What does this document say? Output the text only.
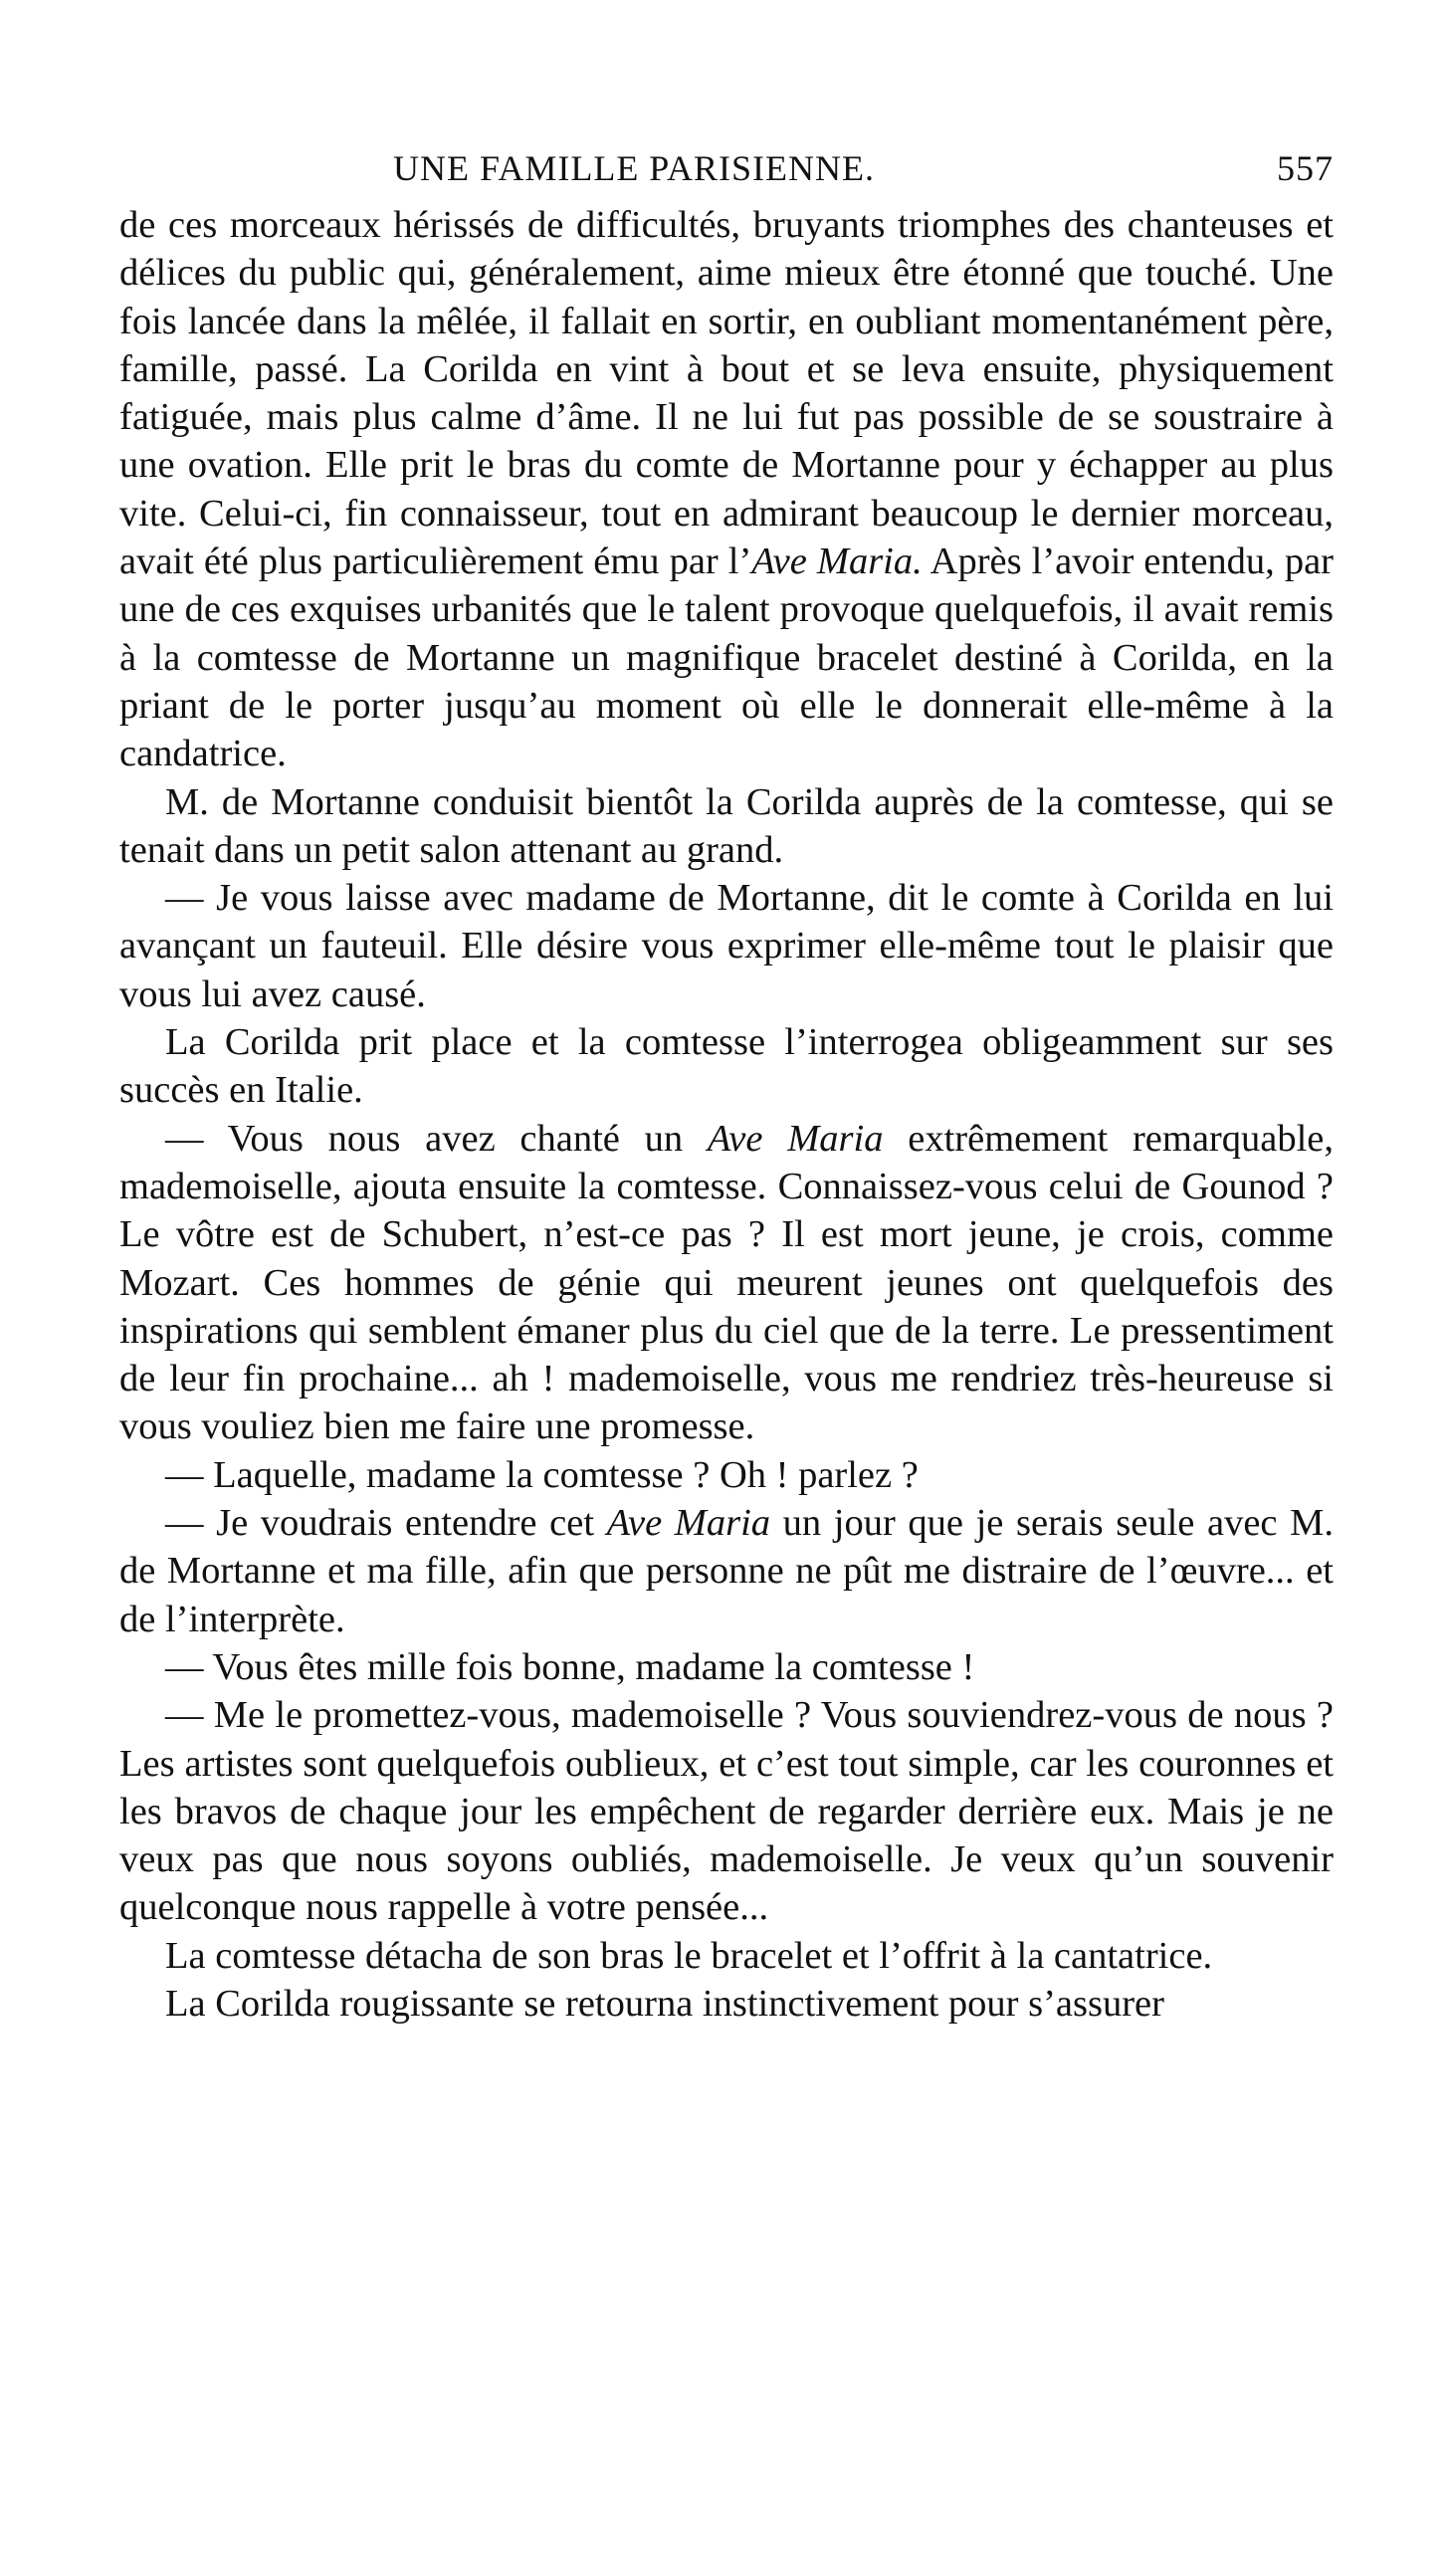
UNE FAMILLE PARISIENNE.	557

de ces morceaux hérissés de difficultés, bruyants triomphes des chanteuses et délices du public qui, généralement, aime mieux être étonné que touché. Une fois lancée dans la mêlée, il fallait en sortir, en oubliant momentanément père, famille, passé. La Corilda en vint à bout et se leva ensuite, physiquement fatiguée, mais plus calme d’âme. Il ne lui fut pas possible de se soustraire à une ovation. Elle prit le bras du comte de Mortanne pour y échapper au plus vite. Celui-ci, fin connaisseur, tout en admirant beaucoup le dernier morceau, avait été plus particulièrement ému par l’Ave Maria. Après l’avoir entendu, par une de ces exquises urbanités que le talent provoque quelquefois, il avait remis à la comtesse de Mortanne un magnifique bracelet destiné à Corilda, en la priant de le porter jusqu’au moment où elle le donnerait elle-même à la candatrice.

M. de Mortanne conduisit bientôt la Corilda auprès de la comtesse, qui se tenait dans un petit salon attenant au grand.

— Je vous laisse avec madame de Mortanne, dit le comte à Corilda en lui avançant un fauteuil. Elle désire vous exprimer elle-même tout le plaisir que vous lui avez causé.

La Corilda prit place et la comtesse l’interrogea obligeamment sur ses succès en Italie.

— Vous nous avez chanté un Ave Maria extrêmement remarquable, mademoiselle, ajouta ensuite la comtesse. Connaissez-vous celui de Gounod ? Le vôtre est de Schubert, n’est-ce pas ? Il est mort jeune, je crois, comme Mozart. Ces hommes de génie qui meurent jeunes ont quelquefois des inspirations qui semblent émaner plus du ciel que de la terre. Le pressentiment de leur fin prochaine... ah ! mademoiselle, vous me rendriez très-heureuse si vous vouliez bien me faire une promesse.

— Laquelle, madame la comtesse ? Oh ! parlez ?

— Je voudrais entendre cet Ave Maria un jour que je serais seule avec M. de Mortanne et ma fille, afin que personne ne pût me distraire de l’œuvre... et de l’interprète.

— Vous êtes mille fois bonne, madame la comtesse !

— Me le promettez-vous, mademoiselle ? Vous souviendrez-vous de nous ? Les artistes sont quelquefois oublieux, et c’est tout simple, car les couronnes et les bravos de chaque jour les empêchent de regarder derrière eux. Mais je ne veux pas que nous soyons oubliés, mademoiselle. Je veux qu’un souvenir quelconque nous rappelle à votre pensée...

La comtesse détacha de son bras le bracelet et l’offrit à la cantatrice.

La Corilda rougissante se retourna instinctivement pour s’assurer
